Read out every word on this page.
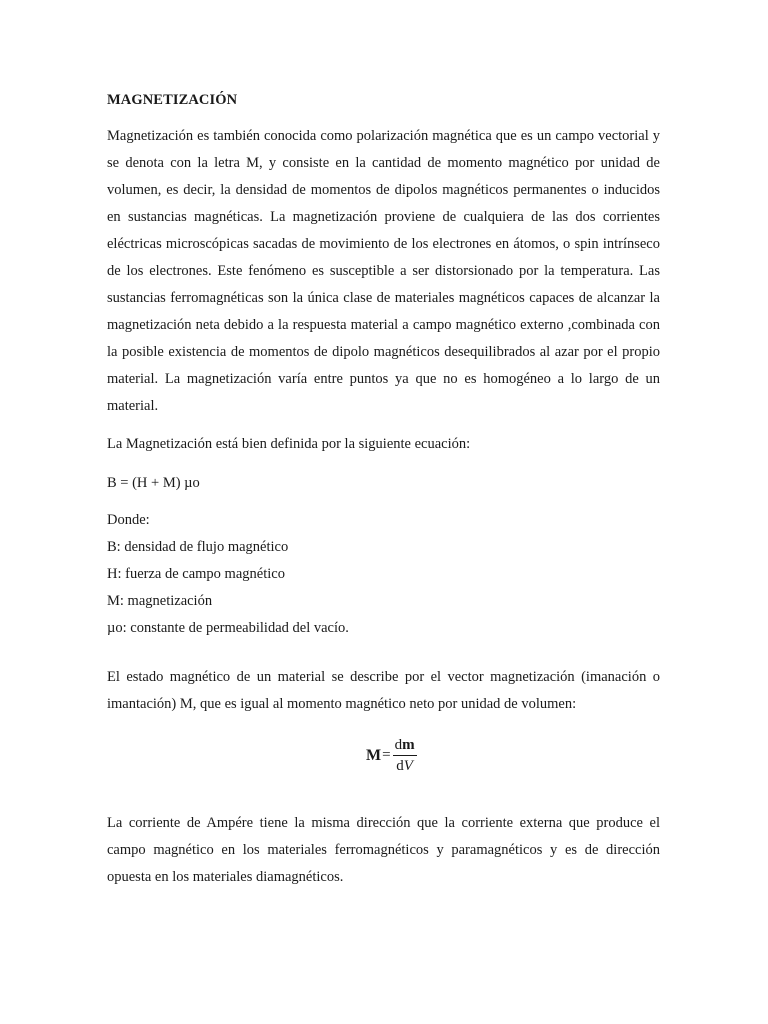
MAGNETIZACIÓN

Magnetización es también conocida como polarización magnética que es un campo vectorial y se denota con la letra M, y consiste en la cantidad de momento magnético por unidad de volumen, es decir, la densidad de momentos de dipolos magnéticos permanentes o inducidos en sustancias magnéticas. La magnetización proviene de cualquiera de las dos corrientes eléctricas microscópicas sacadas de movimiento de los electrones en átomos, o spin intrínseco de los electrones. Este fenómeno es susceptible a ser distorsionado por la temperatura. Las sustancias ferromagnéticas son la única clase de materiales magnéticos capaces de alcanzar la magnetización neta debido a la respuesta material a campo magnético externo ,combinada con la posible existencia de momentos de dipolo magnéticos desequilibrados al azar por el propio material. La magnetización varía entre puntos ya que no es homogéneo a lo largo de un material.

La Magnetización está bien definida por la siguiente ecuación:

B = (H + M) µo

Donde:

B: densidad de flujo magnético

H: fuerza de campo magnético

M: magnetización

µo: constante de permeabilidad del vacío.

El estado magnético de un material se describe por el vector magnetización (imanación o imantación) M, que es igual al momento magnético neto por unidad de volumen:

$M = \frac{dm}{dV}$

La corriente de Ampére tiene la misma dirección que la corriente externa que produce el campo magnético en los materiales ferromagnéticos y paramagnéticos y es de dirección opuesta en los materiales diamagnéticos.
